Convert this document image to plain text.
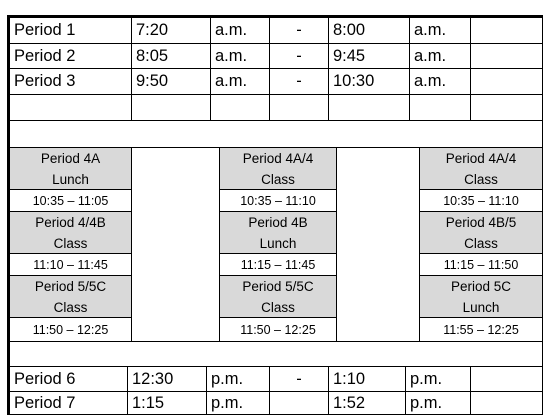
Period 1	7:20	a.m.	-	8:00	a.m.
Period 2	8:05	a.m.	-	9:45	a.m.
Period 3	9:50	a.m.	-	10:30	a.m.
Period 4A
Lunch
10:35 – 11:05
Period 4/4B
Class
11:10 – 11:45
Period 5/5C
Class
11:50 – 12:25
Period 4A/4
Class
10:35 – 11:10
Period 4B
Lunch
11:15 – 11:45
Period 5/5C
Class
11:50 – 12:25
Period 4A/4
Class
10:35 – 11:10
Period 4B/5
Class
11:15 – 11:50
Period 5C
Lunch
11:55 – 12:25
Period 6	12:30	p.m.	-	1:10	p.m.
Period 7	1:15	p.m.	1:52	p.m.
